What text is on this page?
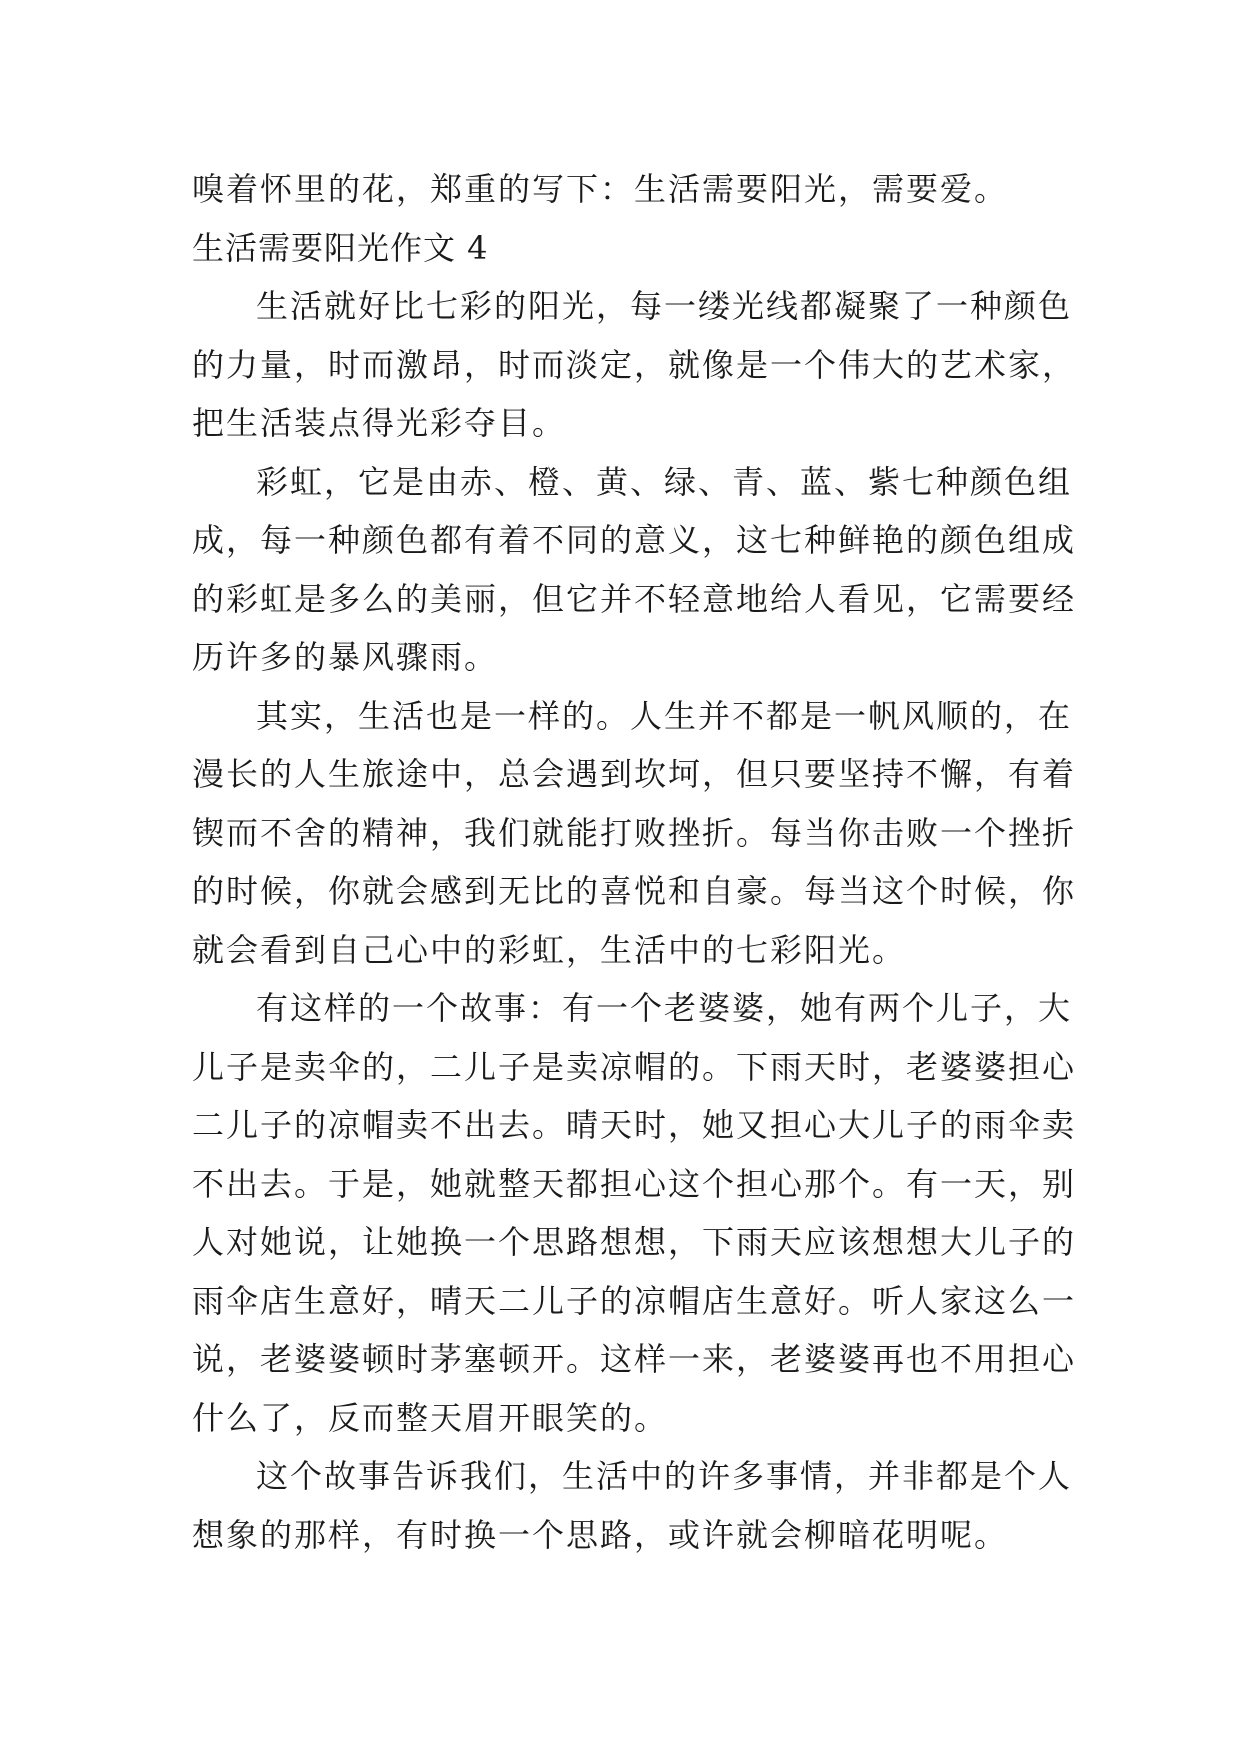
嗅着怀里的花，郑重的写下：生活需要阳光，需要爱。
生活需要阳光作文 4
生活就好比七彩的阳光，每一缕光线都凝聚了一种颜色
的力量，时而激昂，时而淡定，就像是一个伟大的艺术家，
把生活装点得光彩夺目。
彩虹，它是由赤、橙、黄、绿、青、蓝、紫七种颜色组
成，每一种颜色都有着不同的意义，这七种鲜艳的颜色组成
的彩虹是多么的美丽，但它并不轻意地给人看见，它需要经
历许多的暴风骤雨。
其实，生活也是一样的。人生并不都是一帆风顺的，在
漫长的人生旅途中，总会遇到坎坷，但只要坚持不懈，有着
锲而不舍的精神，我们就能打败挫折。每当你击败一个挫折
的时候，你就会感到无比的喜悦和自豪。每当这个时候，你
就会看到自己心中的彩虹，生活中的七彩阳光。
有这样的一个故事：有一个老婆婆，她有两个儿子，大
儿子是卖伞的，二儿子是卖凉帽的。下雨天时，老婆婆担心
二儿子的凉帽卖不出去。晴天时，她又担心大儿子的雨伞卖
不出去。于是，她就整天都担心这个担心那个。有一天，别
人对她说，让她换一个思路想想，下雨天应该想想大儿子的
雨伞店生意好，晴天二儿子的凉帽店生意好。听人家这么一
说，老婆婆顿时茅塞顿开。这样一来，老婆婆再也不用担心
什么了，反而整天眉开眼笑的。
这个故事告诉我们，生活中的许多事情，并非都是个人
想象的那样，有时换一个思路，或许就会柳暗花明呢。
